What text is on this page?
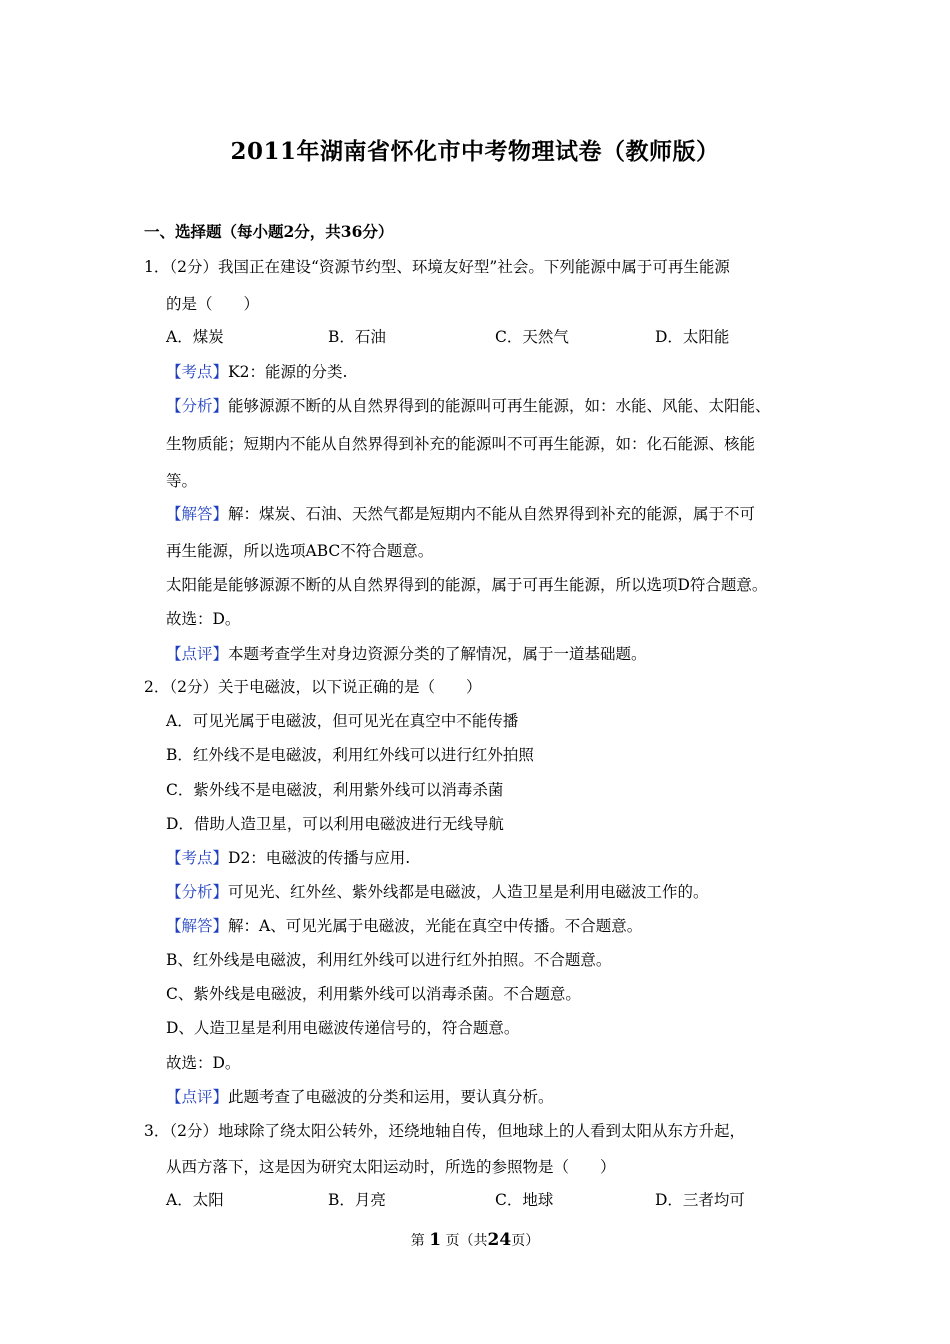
2011年湖南省怀化市中考物理试卷（教师版）
一、选择题（每小题2分，共36分）
1．（2分）我国正在建设“资源节约型、环境友好型”社会。下列能源中属于可再生能源
的是（　　）
A．煤炭	B．石油	C．天然气	D．太阳能
【考点】K2：能源的分类.
【分析】能够源源不断的从自然界得到的能源叫可再生能源，如：水能、风能、太阳能、
生物质能；短期内不能从自然界得到补充的能源叫不可再生能源，如：化石能源、核能
等。
【解答】解：煤炭、石油、天然气都是短期内不能从自然界得到补充的能源，属于不可
再生能源，所以选项ABC不符合题意。
太阳能是能够源源不断的从自然界得到的能源，属于可再生能源，所以选项D符合题意。
故选：D。
【点评】本题考查学生对身边资源分类的了解情况，属于一道基础题。
2．（2分）关于电磁波，以下说正确的是（　　）
A．可见光属于电磁波，但可见光在真空中不能传播
B．红外线不是电磁波，利用红外线可以进行红外拍照
C．紫外线不是电磁波，利用紫外线可以消毒杀菌
D．借助人造卫星，可以利用电磁波进行无线导航
【考点】D2：电磁波的传播与应用.
【分析】可见光、红外丝、紫外线都是电磁波，人造卫星是利用电磁波工作的。
【解答】解：A、可见光属于电磁波，光能在真空中传播。不合题意。
B、红外线是电磁波，利用红外线可以进行红外拍照。不合题意。
C、紫外线是电磁波，利用紫外线可以消毒杀菌。不合题意。
D、人造卫星是利用电磁波传递信号的，符合题意。
故选：D。
【点评】此题考查了电磁波的分类和运用，要认真分析。
3．（2分）地球除了绕太阳公转外，还绕地轴自传，但地球上的人看到太阳从东方升起，
从西方落下，这是因为研究太阳运动时，所选的参照物是（　　）
A．太阳	B．月亮	C．地球	D．三者均可
第 1 页（共24页）
